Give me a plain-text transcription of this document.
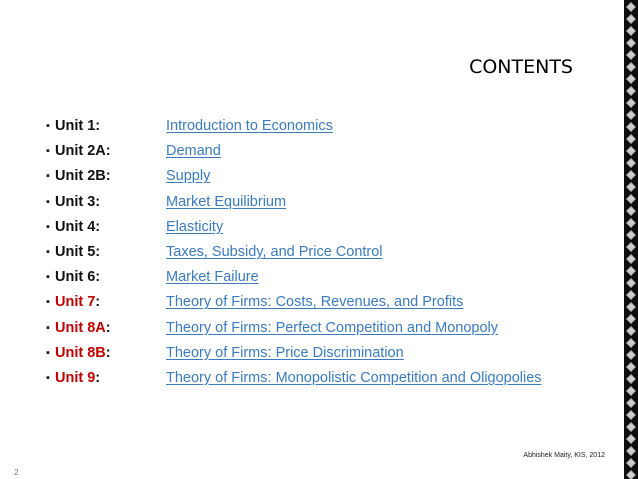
CONTENTS
▪ Unit 1:	Introduction to Economics
▪ Unit 2A:	Demand
▪ Unit 2B:	Supply
▪ Unit 3:	Market Equilibrium
▪ Unit 4:	Elasticity
▪ Unit 5:	Taxes, Subsidy, and Price Control
▪ Unit 6:	Market Failure
▪ Unit 7:	Theory of Firms: Costs, Revenues, and Profits
▪ Unit 8A:	Theory of Firms: Perfect Competition and Monopoly
▪ Unit 8B:	Theory of Firms: Price Discrimination
▪ Unit 9:	Theory of Firms: Monopolistic Competition and Oligopolies
Abhishek Maity, KIS, 2012
2
